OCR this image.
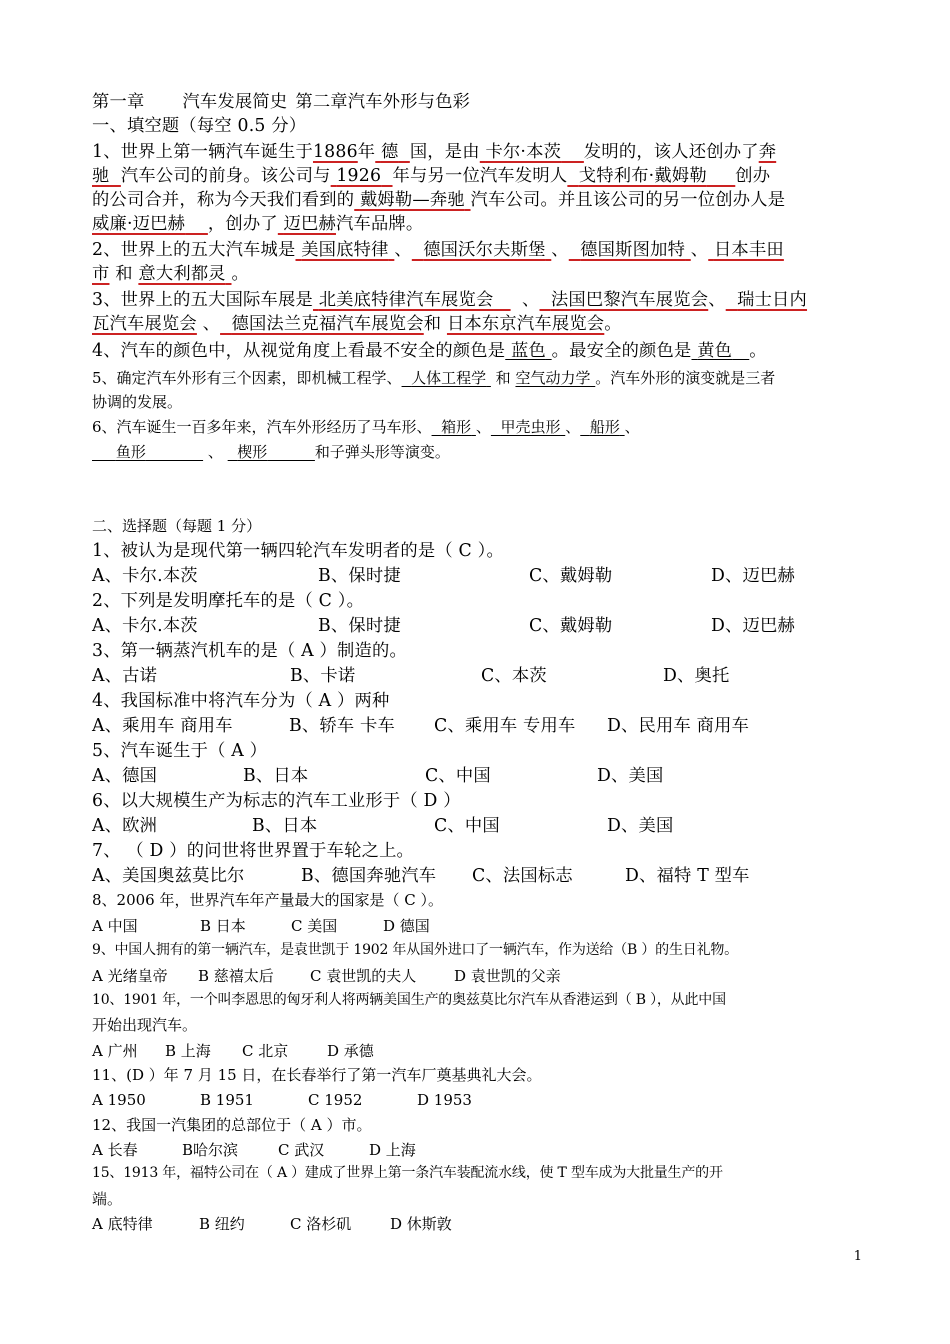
第一章 汽车发展简史 第二章汽车外形与色彩
一、填空题（每空 0.5 分）
1、世界上第一辆汽车诞生于1886年 德 国，是由 卡尔·本茨 发明的，该人还创办了奔
驰 汽车公司的前身。该公司与 1926 年与另一位汽车发明人 戈特利布·戴姆勒 创办
的公司合并，称为今天我们看到的 戴姆勒—奔驰 汽车公司。并且该公司的另一位创办人是
威廉·迈巴赫 ，创办了 迈巴赫汽车品牌。
2、世界上的五大汽车城是 美国底特律 、 德国沃尔夫斯堡 、 德国斯图加特 、 日本丰田
市 和 意大利都灵 。
3、世界上的五大国际车展是 北美底特律汽车展览会 、 法国巴黎汽车展览会、 瑞士日内
瓦汽车展览会 、 德国法兰克福汽车展览会和 日本东京汽车展览会。
4、汽车的颜色中，从视觉角度上看最不安全的颜色是 蓝色 。最安全的颜色是 黄色 。
5、确定汽车外形有三个因素，即机械工程学、 人体工程学 和 空气动力学 。汽车外形的演变就是三者
协调的发展。
6、汽车诞生一百多年来，汽车外形经历了马车形、 箱形 、 甲壳虫形 、 船形 、
鱼形	、 楔形	和子弹头形等演变。
二、选择题（每题 1 分）
1、被认为是现代第一辆四轮汽车发明者的是（ C ）。
A、卡尔.本茨	B、保时捷	C、戴姆勒	D、迈巴赫
2、下列是发明摩托车的是（ C ）。
A、卡尔.本茨	B、保时捷	C、戴姆勒	D、迈巴赫
3、第一辆蒸汽机车的是（ A ）制造的。
A、古诺	B、卡诺	C、本茨	D、奥托
4、我国标准中将汽车分为（ A ）两种
A、乘用车 商用车	B、轿车 卡车 C、乘用车 专用车 D、民用车 商用车
5、汽车诞生于（ A ）
A、德国	B、日本	C、中国	D、美国
6、以大规模生产为标志的汽车工业形于（ D ）
A、欧洲	B、日本	C、中国	D、美国
7、 （ D ）的问世将世界置于车轮之上。
A、美国奥兹莫比尔	B、德国奔驰汽车 C、法国标志	D、福特 T 型车
8、2006 年，世界汽车年产量最大的国家是（ C ）。
A 中国	B 日本	C 美国	D 德国
9、中国人拥有的第一辆汽车，是袁世凯于 1902 年从国外进口了一辆汽车，作为送给（B ）的生日礼物。
A 光绪皇帝 B 慈禧太后 C 袁世凯的夫人	D 袁世凯的父亲
10、1901 年，一个叫李恩思的匈牙利人将两辆美国生产的奥兹莫比尔汽车从香港运到（ B ），从此中国
开始出现汽车。
A 广州 B 上海 C 北京	D 承德
11、(D ）年 7 月 15 日，在长春举行了第一汽车厂奠基典礼大会。
A 1950	B 1951	C 1952	D 1953
12、我国一汽集团的总部位于（ A ）市。
A 长春	B哈尔滨	C 武汉	D 上海
15、1913 年，福特公司在（ A ）建成了世界上第一条汽车装配流水线，使 T 型车成为大批量生产的开
端。
A 底特律	B 纽约	C 洛杉矶	D 休斯敦
1
